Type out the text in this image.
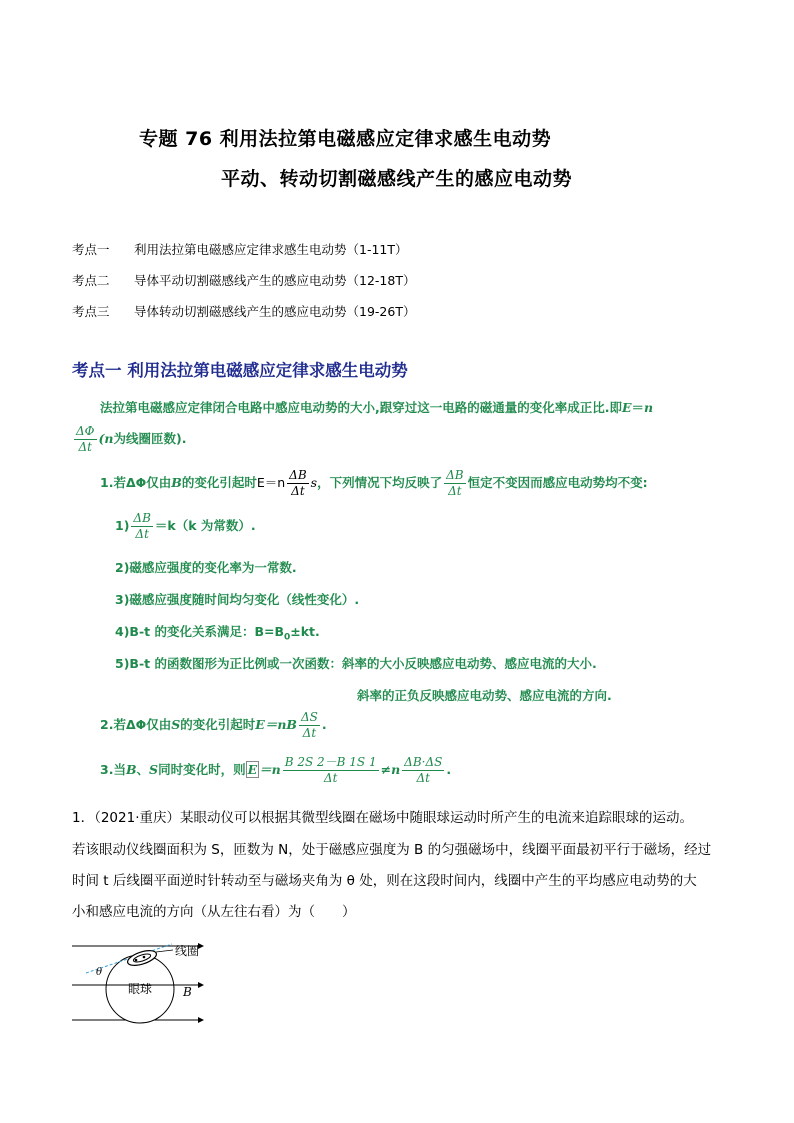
专题 76 利用法拉第电磁感应定律求感生电动势
平动、转动切割磁感线产生的感应电动势
考点一 利用法拉第电磁感应定律求感生电动势（1-11T）
考点二 导体平动切割磁感线产生的感应电动势（12-18T）
考点三 导体转动切割磁感线产生的感应电动势（19-26T）
考点一 利用法拉第电磁感应定律求感生电动势
法拉第电磁感应定律闭合电路中感应电动势的大小,跟穿过这一电路的磁通量的变化率成正比.即E＝n
$\frac{\Delta\Phi}{\Delta t} (n$为线圈匝数).
1.若ΔΦ仅由B的变化引起时$E=n \frac{\Delta B}{\Delta t}$ s，下列情况下均反映了 $\frac{\Delta B}{\Delta t}$ 恒定不变因而感应电动势均不变:
$1) \frac{\Delta B}{\Delta t} =k(k$ 为常数）.
2)磁感应强度的变化率为一常数.
3)磁感应强度随时间均匀变化（线性变化）.
4)B-t 的变化关系满足：$B=B_0\pm kt$.
5)B-t 的函数图形为正比例或一次函数：斜率的大小反映感应电动势、感应电流的大小.
斜率的正负反映感应电动势、感应电流的方向.
2.若ΔΦ仅由S的变化引起时$E=nB \frac{\Delta S}{\Delta t}$ .
3.当B、S同时变化时，则 $E =n \frac{B 2S 2-B 1S 1}{\Delta t} \ne n \frac{\Delta B\cdot\Delta S}{\Delta t}$ .
1．（2021·重庆）某眼动仪可以根据其微型线圈在磁场中随眼球运动时所产生的电流来追踪眼球的运动。
若该眼动仪线圈面积为 S，匝数为 N，处于磁感应强度为 B 的匀强磁场中，线圈平面最初平行于磁场，经过
时间 t 后线圈平面逆时针转动至与磁场夹角为 θ 处，则在这段时间内，线圈中产生的平均感应电动势的大
小和感应电流的方向（从左往右看）为（　　）
线圈
眼球	B
θ
